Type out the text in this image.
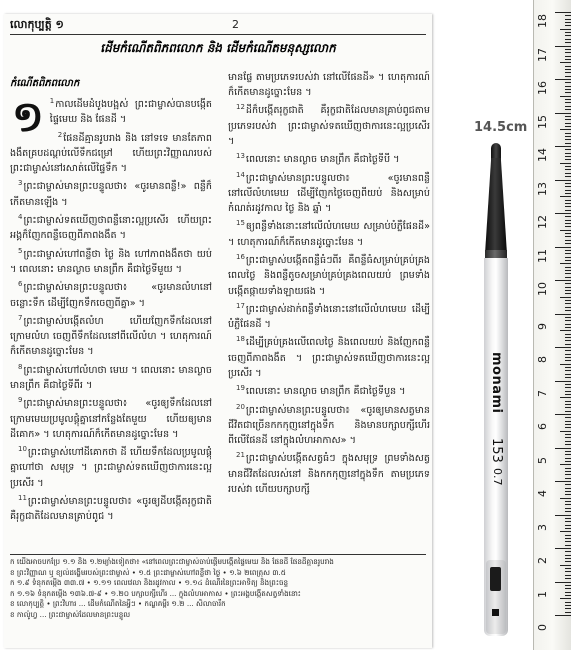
លោកុប្បត្តិ ១	2
ដើមកំណើតពិភពលោក និង ដើមកំណើតមនុស្សលោក

កំណើតពិភពលោក

១ $^1$កាលដើមដំបូងបង្អស់ ព្រះជាម្ចាស់បានបង្កើតផ្ទៃមេឃ និង ផែនដី ។

$^2$ផែនដីគ្មានរូបរាង និង នៅទទេ មានតែភាពងងឹតគ្របដណ្ដប់លើទឹកជម្រៅ ហើយព្រះវិញ្ញាណរបស់ព្រះជាម្ចាស់នៅរសាត់លើផ្ទៃទឹក ។

$^3$ព្រះជាម្ចាស់មានព្រះបន្ទូលថា៖ «ចូរមានពន្លឺ!» ពន្លឺក៏កើតមានឡើង ។

$^4$ព្រះជាម្ចាស់ទតឃើញថាពន្លឺនោះល្អប្រសើរ ហើយព្រះអង្គក៏ញែកពន្លឺចេញពីភាពងងឹត ។

$^5$ព្រះជាម្ចាស់ហៅពន្លឺថា ថ្ងៃ និង ហៅភាពងងឹតថា យប់ ។ ពេលនោះ មានល្ងាច មានព្រឹក គឺជាថ្ងៃទីមួយ ។

$^6$ព្រះជាម្ចាស់មានព្រះបន្ទូលថា៖ «ចូរមានលំហនៅចន្លោះទឹក ដើម្បីញែកទឹកចេញពីគ្នា» ។

$^7$ព្រះជាម្ចាស់បង្កើតលំហ ហើយញែកទឹកដែលនៅក្រោមលំហ ចេញពីទឹកដែលនៅពីលើលំហ ។ ហេតុការណ៍ក៏កើតមានដូច្នោះមែន ។

$^8$ព្រះជាម្ចាស់ហៅលំហថា មេឃ ។ ពេលនោះ មានល្ងាច មានព្រឹក គឺជាថ្ងៃទីពីរ ។

$^9$ព្រះជាម្ចាស់មានព្រះបន្ទូលថា៖ «ចូរឲ្យទឹកដែលនៅក្រោមមេឃប្រមូលផ្ដុំគ្នានៅកន្លែងតែមួយ ហើយឲ្យមានដីគោក» ។ ហេតុការណ៍ក៏កើតមានដូច្នោះមែន ។

$^{10}$ព្រះជាម្ចាស់ហៅដីគោកថា ដី ហើយទឹកដែលប្រមូលផ្ដុំគ្នាហៅថា សមុទ្រ ។ ព្រះជាម្ចាស់ទតឃើញថាការនេះល្អប្រសើរ ។

$^{11}$ព្រះជាម្ចាស់មានព្រះបន្ទូលថា៖ «ចូរឲ្យដីបង្កើតរុក្ខជាតិ គឺរុក្ខជាតិដែលមានគ្រាប់ពូជ ។

មានផ្លែ តាមប្រភេទរបស់វា នៅលើផែនដី» ។ ហេតុការណ៍ក៏កើតមានដូច្នោះមែន ។

$^{12}$ដីក៏បង្កើតរុក្ខជាតិ គឺរុក្ខជាតិដែលមានគ្រាប់ពូជតាមប្រភេទរបស់វា ព្រះជាម្ចាស់ទតឃើញថាការនេះល្អប្រសើរ ។

$^{13}$ពេលនោះ មានល្ងាច មានព្រឹក គឺជាថ្ងៃទីបី ។

$^{14}$ព្រះជាម្ចាស់មានព្រះបន្ទូលថា៖ «ចូរមានពន្លឺនៅលើលំហមេឃ ដើម្បីញែកថ្ងៃចេញពីយប់ និងសម្រាប់កំណត់រដូវកាល ថ្ងៃ និង ឆ្នាំ ។

$^{15}$ឲ្យពន្លឺទាំងនោះនៅលើលំហមេឃ សម្រាប់បំភ្លឺផែនដី» ។ ហេតុការណ៍ក៏កើតមានដូច្នោះមែន ។

$^{16}$ព្រះជាម្ចាស់បង្កើតពន្លឺធំៗពីរ គឺពន្លឺធំសម្រាប់គ្រប់គ្រងពេលថ្ងៃ និងពន្លឺតូចសម្រាប់គ្រប់គ្រងពេលយប់ ព្រមទាំងបង្កើតផ្កាយទាំងឡាយផង ។

$^{17}$ព្រះជាម្ចាស់ដាក់ពន្លឺទាំងនោះនៅលើលំហមេឃ ដើម្បីបំភ្លឺផែនដី ។

$^{18}$ដើម្បីគ្រប់គ្រងលើពេលថ្ងៃ និងពេលយប់ និងញែកពន្លឺចេញពីភាពងងឹត ។ ព្រះជាម្ចាស់ទតឃើញថាការនេះល្អប្រសើរ ។

$^{19}$ពេលនោះ មានល្ងាច មានព្រឹក គឺជាថ្ងៃទីបួន ។

$^{20}$ព្រះជាម្ចាស់មានព្រះបន្ទូលថា៖ «ចូរឲ្យមានសត្វមានជីវិតជាច្រើនកកកុញនៅក្នុងទឹក និងមានបក្សាបក្សីហើរពីលើផែនដី នៅក្នុងលំហអាកាស» ។

$^{21}$ព្រះជាម្ចាស់បង្កើតសត្វធំៗ ក្នុងសមុទ្រ ព្រមទាំងសត្វមានជីវិតដែលរស់នៅ និងកកកុញនៅក្នុងទឹក តាមប្រភេទរបស់វា ហើយបក្សាបក្សី

ក យើងអាចបកប្រែ ១.១ និង ១.២ម្យ៉ាងទៀតថា៖ «នៅពេលព្រះជាម្ចាស់ចាប់ផ្ដើមបង្កើតផ្ទៃមេឃ និង ផែនដី ផែនដីគ្មានរូបរាង

ខ ព្រះវិញ្ញាណ ឬ ខ្យល់ដង្ហើមរបស់ព្រះជាម្ចាស់ • ១.៥ ព្រះជាម្ចាស់ហៅពន្លឺថា ថ្ងៃ • ១.៦ ២ពេត្រុស ៣.៥

ក ១.៩ ទំនុកតម្កើង ៣៣.៧ • ១.១១ ពេលវេលា និងរដូវកាល • ១.១៤ ដំណើរនៃព្រះអាទិត្យ និងព្រះចន្ទ

ក ១.១៦ ទំនុកតម្កើង ១៣៦.៧-៩ • ១.២០ បក្សាបក្សីហើរ ... ក្នុងលំហអាកាស • ព្រះអង្គបង្កើតសត្វទាំងនោះ

ខ លោកុប្បត្តិ • ព្រះវិហារ ... ដើមកំណើតនៃអ្វីៗ • កណ្ឌគម្ពីរ ១.២ ... សិលាចារឹក

ខ កាល៉ូហ្វ ... ព្រះជាម្ចាស់ដែលមានព្រះបន្ទូល

monami
153
0.7
14.5cm
18
17
16
15
14
13
12
11
10
9
8
7
6
5
4
3
2
1
0
